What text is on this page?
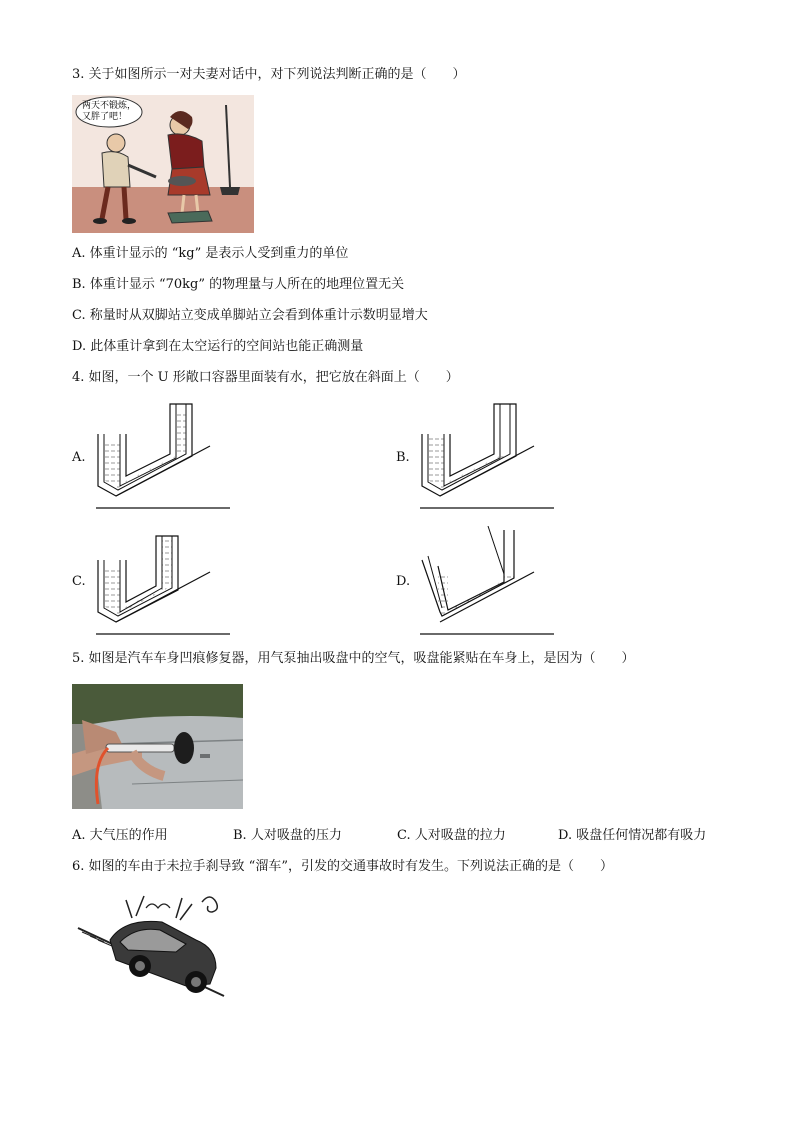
3. 关于如图所示一对夫妻对话中，对下列说法判断正确的是（　　）
两天不锻炼，
又胖了吧！
A. 体重计显示的 “kg” 是表示人受到重力的单位
B. 体重计显示 “70kg” 的物理量与人所在的地理位置无关
C. 称量时从双脚站立变成单脚站立会看到体重计示数明显增大
D. 此体重计拿到在太空运行的空间站也能正确测量
4. 如图，一个 U 形敞口容器里面装有水，把它放在斜面上（　　）
A.	B.
C.	D.
5. 如图是汽车车身凹痕修复器，用气泵抽出吸盘中的空气，吸盘能紧贴在车身上，是因为（　　）
A. 大气压的作用	B. 人对吸盘的压力	C. 人对吸盘的拉力	D. 吸盘任何情况都有吸力
6. 如图的车由于未拉手刹导致 “溜车”，引发的交通事故时有发生。下列说法正确的是（　　）
